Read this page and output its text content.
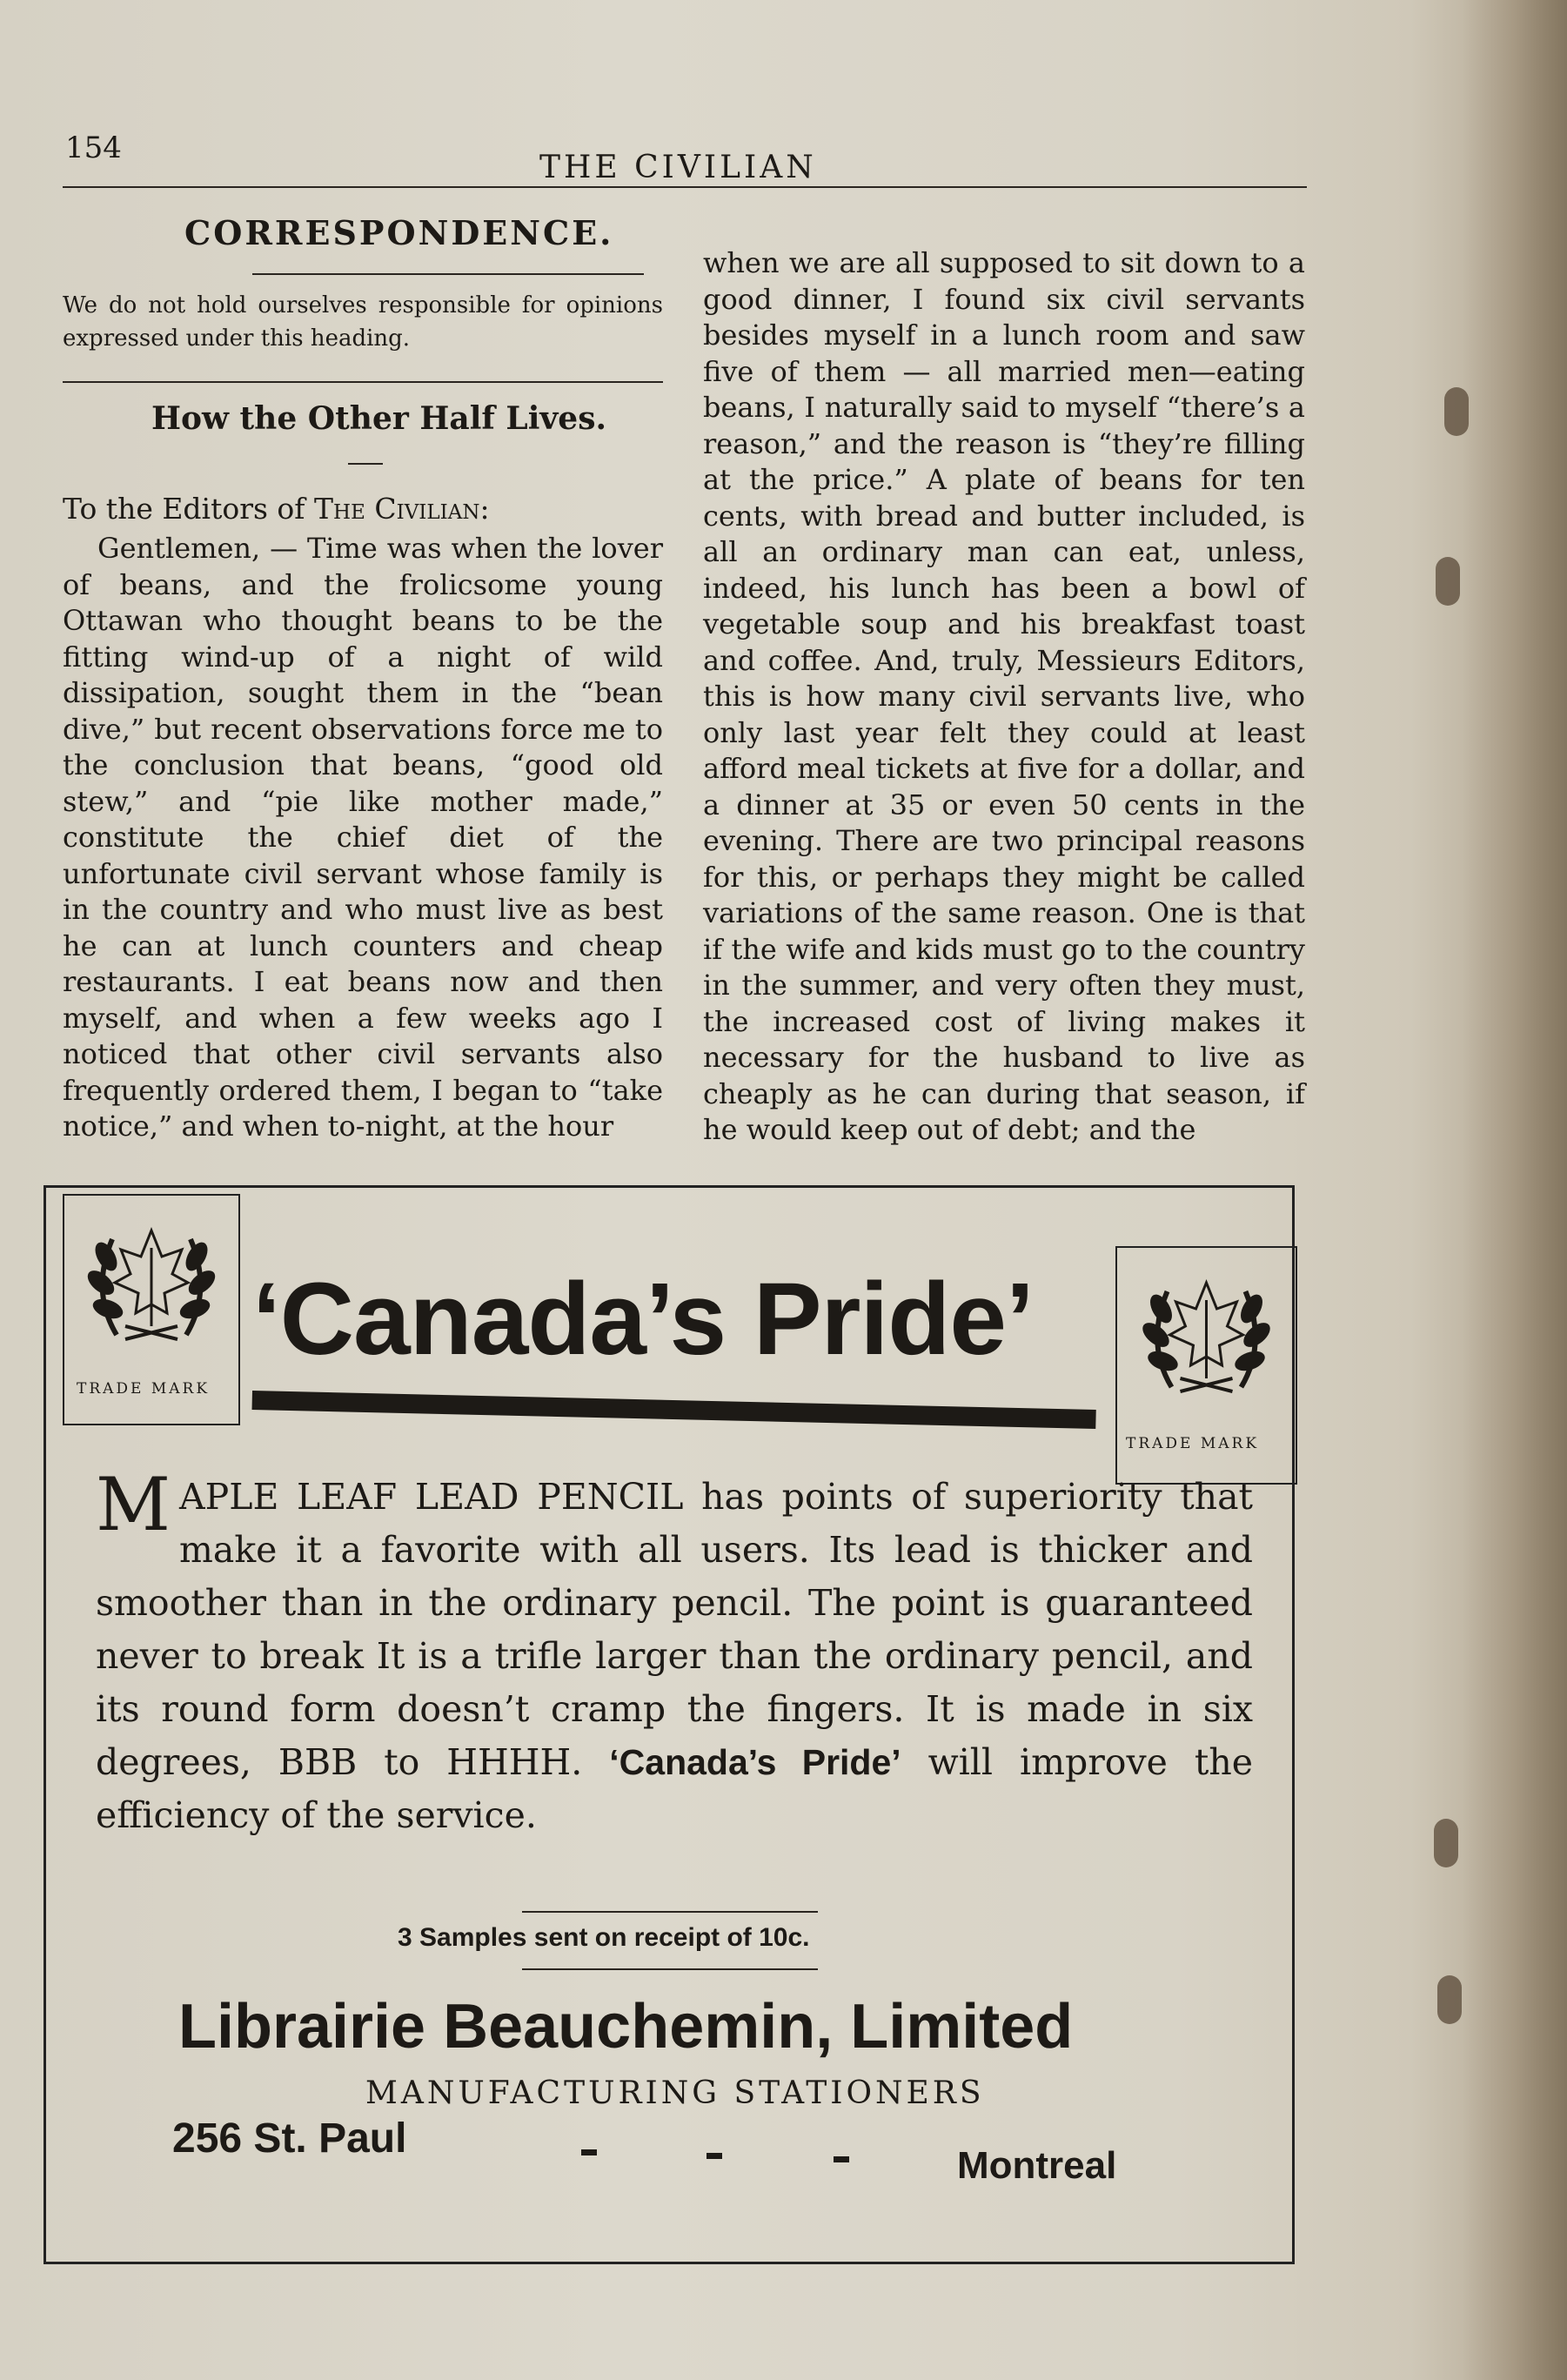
154
THE CIVILIAN
CORRESPONDENCE.
We do not hold ourselves responsible for opinions expressed under this heading.
How the Other Half Lives.
To the Editors of The Civilian:

Gentlemen, — Time was when the lover of beans, and the frolicsome young Ottawan who thought beans to be the fitting wind-up of a night of wild dissipation, sought them in the “bean dive,” but recent observations force me to the conclusion that beans, “good old stew,” and “pie like mother made,” constitute the chief diet of the unfortunate civil servant whose family is in the country and who must live as best he can at lunch counters and cheap restaurants. I eat beans now and then myself, and when a few weeks ago I noticed that other civil servants also frequently ordered them, I began to “take notice,” and when to-night, at the hour

when we are all supposed to sit down to a good dinner, I found six civil servants besides myself in a lunch room and saw five of them — all married men—eating beans, I naturally said to myself “there’s a reason,” and the reason is “they’re filling at the price.” A plate of beans for ten cents, with bread and butter included, is all an ordinary man can eat, unless, indeed, his lunch has been a bowl of vegetable soup and his breakfast toast and coffee. And, truly, Messieurs Editors, this is how many civil servants live, who only last year felt they could at least afford meal tickets at five for a dollar, and a dinner at 35 or even 50 cents in the evening. There are two principal reasons for this, or perhaps they might be called variations of the same reason. One is that if the wife and kids must go to the country in the summer, and very often they must, the increased cost of living makes it necessary for the husband to live as cheaply as he can during that season, if he would keep out of debt; and the

TRADE MARK
TRADE MARK
‘Canada’s Pride’
MAPLE LEAF LEAD PENCIL has points of superiority that make it a favorite with all users. Its lead is thicker and smoother than in the ordinary pencil. The point is guaranteed never to break It is a trifle larger than the ordinary pencil, and its round form doesn’t cramp the fingers. It is made in six degrees, BBB to HHHH. ‘Canada’s Pride’ will improve the efficiency of the service.
3 Samples sent on receipt of 10c.
Librairie Beauchemin, Limited
MANUFACTURING STATIONERS
256 St. Paul
Montreal
